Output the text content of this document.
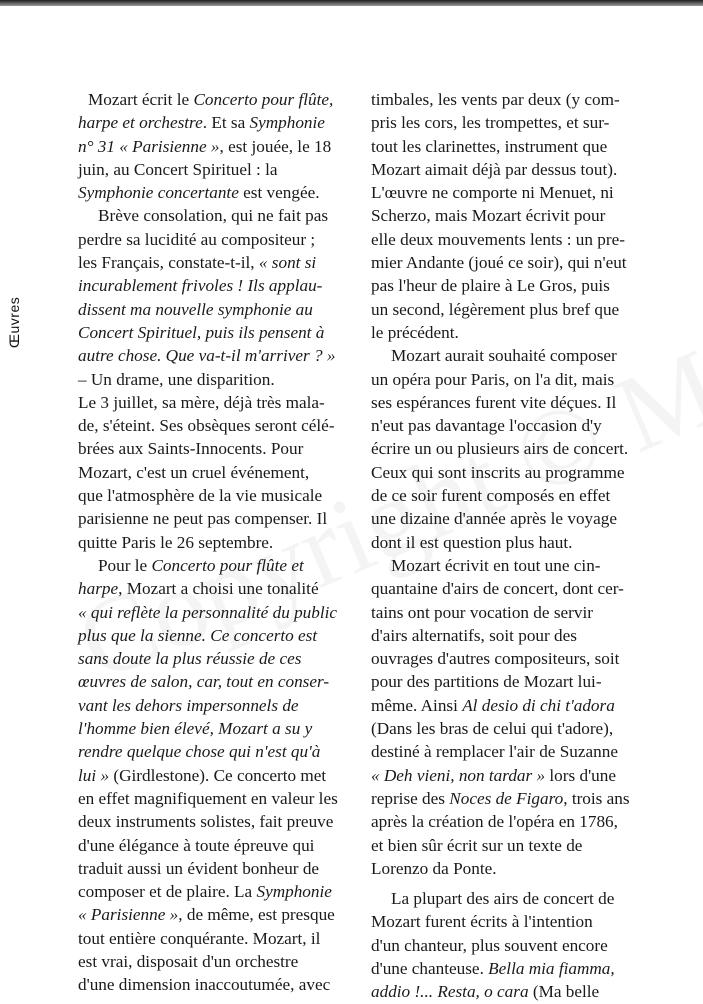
Œuvres
Mozart écrit le Concerto pour flûte,
harpe et orchestre. Et sa Symphonie
n° 31 « Parisienne », est jouée, le 18
juin, au Concert Spirituel : la
Symphonie concertante est vengée.
Brève consolation, qui ne fait pas
perdre sa lucidité au compositeur ;
les Français, constate-t-il, « sont si
incurablement frivoles ! Ils applau-
dissent ma nouvelle symphonie au
Concert Spirituel, puis ils pensent à
autre chose. Que va-t-il m'arriver ? »
– Un drame, une disparition.
Le 3 juillet, sa mère, déjà très mala-
de, s'éteint. Ses obsèques seront célé-
brées aux Saints-Innocents. Pour
Mozart, c'est un cruel événement,
que l'atmosphère de la vie musicale
parisienne ne peut pas compenser. Il
quitte Paris le 26 septembre.
Pour le Concerto pour flûte et
harpe, Mozart a choisi une tonalité
« qui reflète la personnalité du public
plus que la sienne. Ce concerto est
sans doute la plus réussie de ces
œuvres de salon, car, tout en conser-
vant les dehors impersonnels de
l'homme bien élevé, Mozart a su y
rendre quelque chose qui n'est qu'à
lui » (Girdlestone). Ce concerto met
en effet magnifiquement en valeur les
deux instruments solistes, fait preuve
d'une élégance à toute épreuve qui
traduit aussi un évident bonheur de
composer et de plaire. La Symphonie
« Parisienne », de même, est presque
tout entière conquérante. Mozart, il
est vrai, disposait d'un orchestre
d'une dimension inaccoutumée, avec
timbales, les vents par deux (y com-
pris les cors, les trompettes, et sur-
tout les clarinettes, instrument que
Mozart aimait déjà par dessus tout).
L'œuvre ne comporte ni Menuet, ni
Scherzo, mais Mozart écrivit pour
elle deux mouvements lents : un pre-
mier Andante (joué ce soir), qui n'eut
pas l'heur de plaire à Le Gros, puis
un second, légèrement plus bref que
le précédent.
Mozart aurait souhaité composer
un opéra pour Paris, on l'a dit, mais
ses espérances furent vite déçues. Il
n'eut pas davantage l'occasion d'y
écrire un ou plusieurs airs de concert.
Ceux qui sont inscrits au programme
de ce soir furent composés en effet
une dizaine d'année après le voyage
dont il est question plus haut.
Mozart écrivit en tout une cin-
quantaine d'airs de concert, dont cer-
tains ont pour vocation de servir
d'airs alternatifs, soit pour des
ouvrages d'autres compositeurs, soit
pour des partitions de Mozart lui-
même. Ainsi Al desio di chi t'adora
(Dans les bras de celui qui t'adore),
destiné à remplacer l'air de Suzanne
« Deh vieni, non tardar » lors d'une
reprise des Noces de Figaro, trois ans
après la création de l'opéra en 1786,
et bien sûr écrit sur un texte de
Lorenzo da Ponte.
La plupart des airs de concert de
Mozart furent écrits à l'intention
d'un chanteur, plus souvent encore
d'une chanteuse. Bella mia fiamma,
addio !... Resta, o cara (Ma belle
